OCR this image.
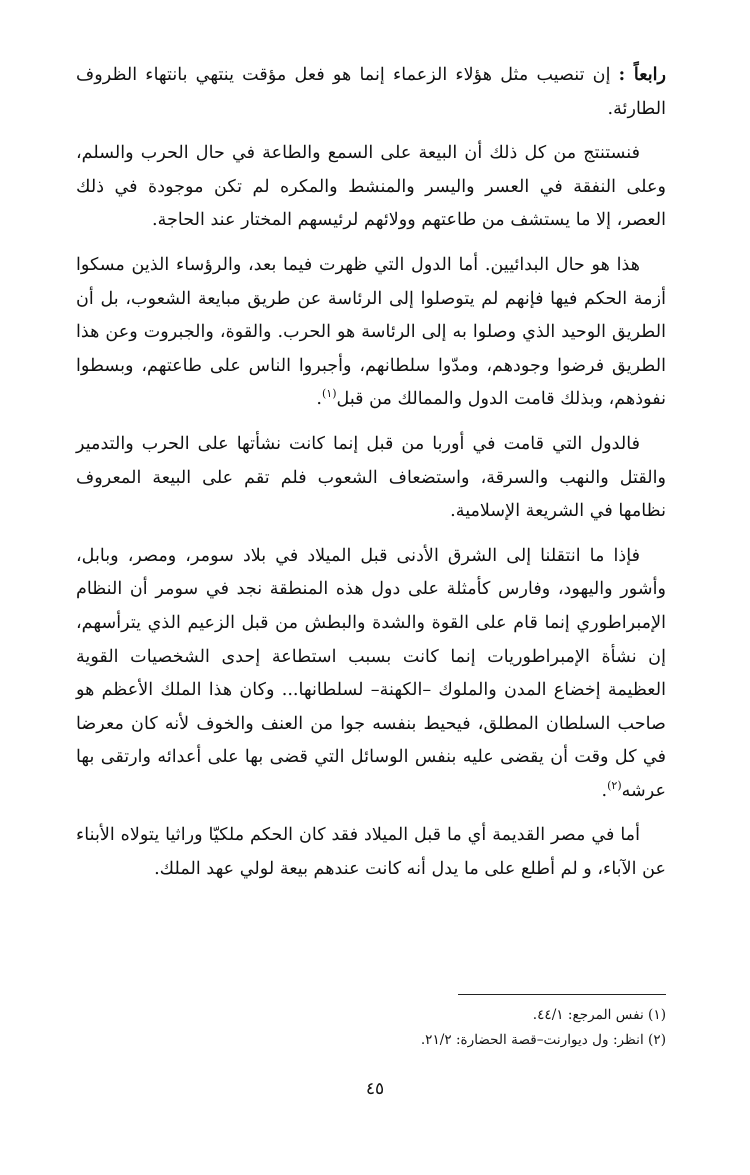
رابعاً : إن تنصيب مثل هؤلاء الزعماء إنما هو فعل مؤقت ينتهي بانتهاء الظروف الطارئة.

فنستنتج من كل ذلك أن البيعة على السمع والطاعة في حال الحرب والسلم، وعلى النفقة في العسر واليسر والمنشط والمكره لم تكن موجودة في ذلك العصر، إلا ما يستشف من طاعتهم وولائهم لرئيسهم المختار عند الحاجة.

هذا هو حال البدائيين. أما الدول التي ظهرت فيما بعد، والرؤساء الذين مسكوا أزمة الحكم فيها فإنهم لم يتوصلوا إلى الرئاسة عن طريق مبايعة الشعوب، بل أن الطريق الوحيد الذي وصلوا به إلى الرئاسة هو الحرب. والقوة، والجبروت وعن هذا الطريق فرضوا وجودهم، ومدّوا سلطانهم، وأجبروا الناس على طاعتهم، وبسطوا نفوذهم، وبذلك قامت الدول والممالك من قبل$^{(١)}$.

فالدول التي قامت في أوربا من قبل إنما كانت نشأتها على الحرب والتدمير والقتل والنهب والسرقة، واستضعاف الشعوب فلم تقم على البيعة المعروف نظامها في الشريعة الإسلامية.

فإذا ما انتقلنا إلى الشرق الأدنى قبل الميلاد في بلاد سومر، ومصر، وبابل، وأشور واليهود، وفارس كأمثلة على دول هذه المنطقة نجد في سومر أن النظام الإمبراطوري إنما قام على القوة والشدة والبطش من قبل الزعيم الذي يترأسهم، إن نشأة الإمبراطوريات إنما كانت بسبب استطاعة إحدى الشخصيات القوية العظيمة إخضاع المدن والملوك –الكهنة– لسلطانها... وكان هذا الملك الأعظم هو صاحب السلطان المطلق، فيحيط بنفسه جوا من العنف والخوف لأنه كان معرضا في كل وقت أن يقضى عليه بنفس الوسائل التي قضى بها على أعدائه وارتقى بها عرشه$^{(٢)}$.

أما في مصر القديمة أي ما قبل الميلاد فقد كان الحكم ملكيّا وراثيا يتولاه الأبناء عن الآباء، و لم أطلع على ما يدل أنه كانت عندهم بيعة لولي عهد الملك.

(١) نفس المرجع: ٤٤/١.

(٢) انظر: ول ديوارنت–قصة الحضارة: ٢١/٢.

٤٥
